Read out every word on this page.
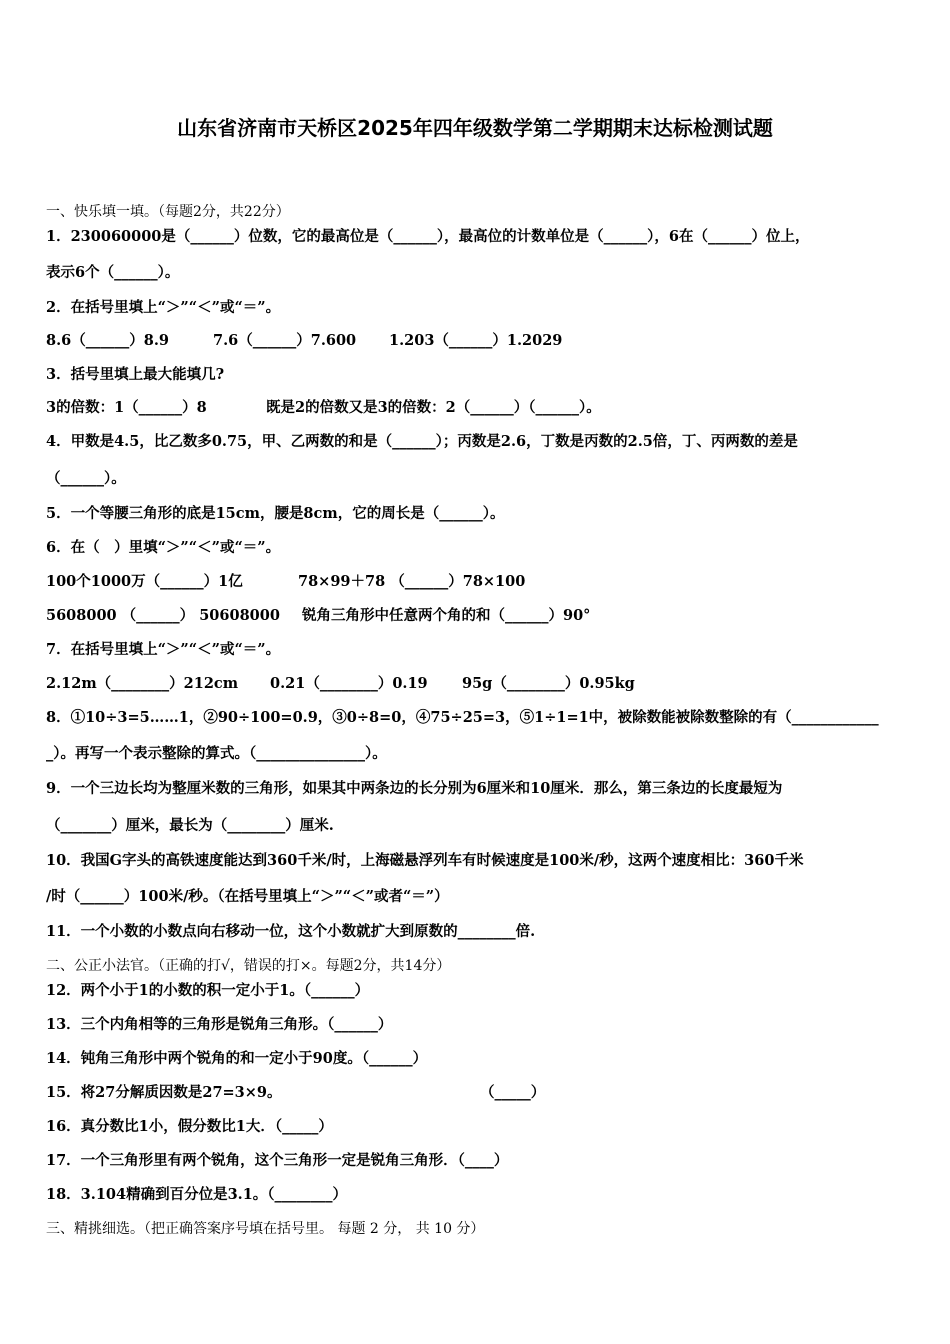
山东省济南市天桥区2025年四年级数学第二学期期末达标检测试题
一、快乐填一填。（每题2分，共22分）
1．230060000是（______）位数，它的最高位是（______），最高位的计数单位是（______），6在（______）位上，
表示6个（______）。
2．在括号里填上“＞”“＜”或“＝”。
8.6（______）8.9	7.6（______）7.600 1.203（______）1.2029
3．括号里填上最大能填几?
3的倍数：1（______）8	既是2的倍数又是3的倍数：2（______）（______）。
4．甲数是4.5，比乙数多0.75，甲、乙两数的和是（______）；丙数是2.6，丁数是丙数的2.5倍，丁、丙两数的差是
（______）。
5．一个等腰三角形的底是15cm，腰是8cm，它的周长是（______）。
6．在（　）里填“＞”“＜”或“＝”。
100个1000万（______）1亿	78×99＋78 （______）78×100
5608000 （______） 50608000 锐角三角形中任意两个角的和（______）90°
7．在括号里填上“＞”“＜”或“＝”。
2.12m（________）212cm 0.21（________）0.19 95g（________）0.95kg
8．①10÷3=5……1，②90÷100=0.9，③0÷8=0，④75÷25=3，⑤1÷1=1中，被除数能被除数整除的有（____________
_）。再写一个表示整除的算式。（_______________）。
9．一个三边长均为整厘米数的三角形，如果其中两条边的长分别为6厘米和10厘米．那么，第三条边的长度最短为
（_______）厘米，最长为（________）厘米.
10．我国G字头的高铁速度能达到360千米/时，上海磁悬浮列车有时候速度是100米/秒，这两个速度相比：360千米
/时（______）100米/秒。（在括号里填上“＞”“＜”或者“＝”）
11．一个小数的小数点向右移动一位，这个小数就扩大到原数的________倍.
二、公正小法官。（正确的打√，错误的打×。每题2分，共14分）
12．两个小于1的小数的积一定小于1。（______）
13．三个内角相等的三角形是锐角三角形。（______）
14．钝角三角形中两个锐角的和一定小于90度。（______）
15．将27分解质因数是27=3×9。	（_____）
16．真分数比1小，假分数比1大．（_____）
17．一个三角形里有两个锐角，这个三角形一定是锐角三角形．（____）
18．3.104精确到百分位是3.1。（________）
三、精挑细选。（把正确答案序号填在括号里。 每题 2 分， 共 10 分）
